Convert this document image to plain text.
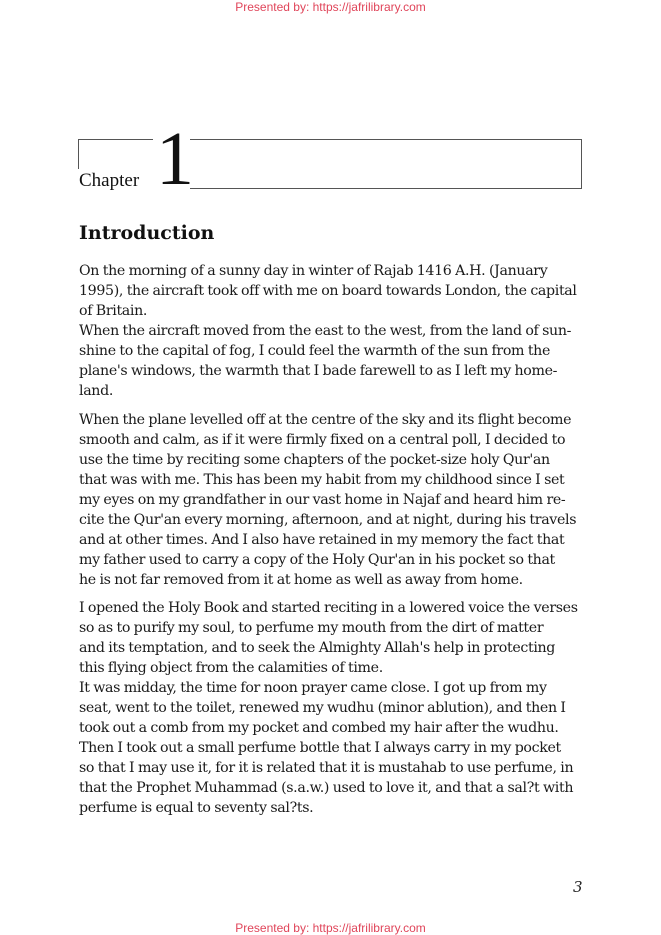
Presented by: https://jafrilibrary.com
Chapter 1
Introduction

On the morning of a sunny day in winter of Rajab 1416 A.H. (January

1995), the aircraft took off with me on board towards London, the capital

of Britain.

When the aircraft moved from the east to the west, from the land of sun-

shine to the capital of fog, I could feel the warmth of the sun from the

plane's windows, the warmth that I bade farewell to as I left my home-

land.

When the plane levelled off at the centre of the sky and its flight become

smooth and calm, as if it were firmly fixed on a central poll, I decided to

use the time by reciting some chapters of the pocket-size holy Qur'an

that was with me. This has been my habit from my childhood since I set

my eyes on my grandfather in our vast home in Najaf and heard him re-

cite the Qur'an every morning, afternoon, and at night, during his travels

and at other times. And I also have retained in my memory the fact that

my father used to carry a copy of the Holy Qur'an in his pocket so that

he is not far removed from it at home as well as away from home.

I opened the Holy Book and started reciting in a lowered voice the verses

so as to purify my soul, to perfume my mouth from the dirt of matter

and its temptation, and to seek the Almighty Allah's help in protecting

this flying object from the calamities of time.

It was midday, the time for noon prayer came close. I got up from my

seat, went to the toilet, renewed my wudhu (minor ablution), and then I

took out a comb from my pocket and combed my hair after the wudhu.

Then I took out a small perfume bottle that I always carry in my pocket

so that I may use it, for it is related that it is mustahab to use perfume, in

that the Prophet Muhammad (s.a.w.) used to love it, and that a sal?t with

perfume is equal to seventy sal?ts.

3
Presented by: https://jafrilibrary.com
